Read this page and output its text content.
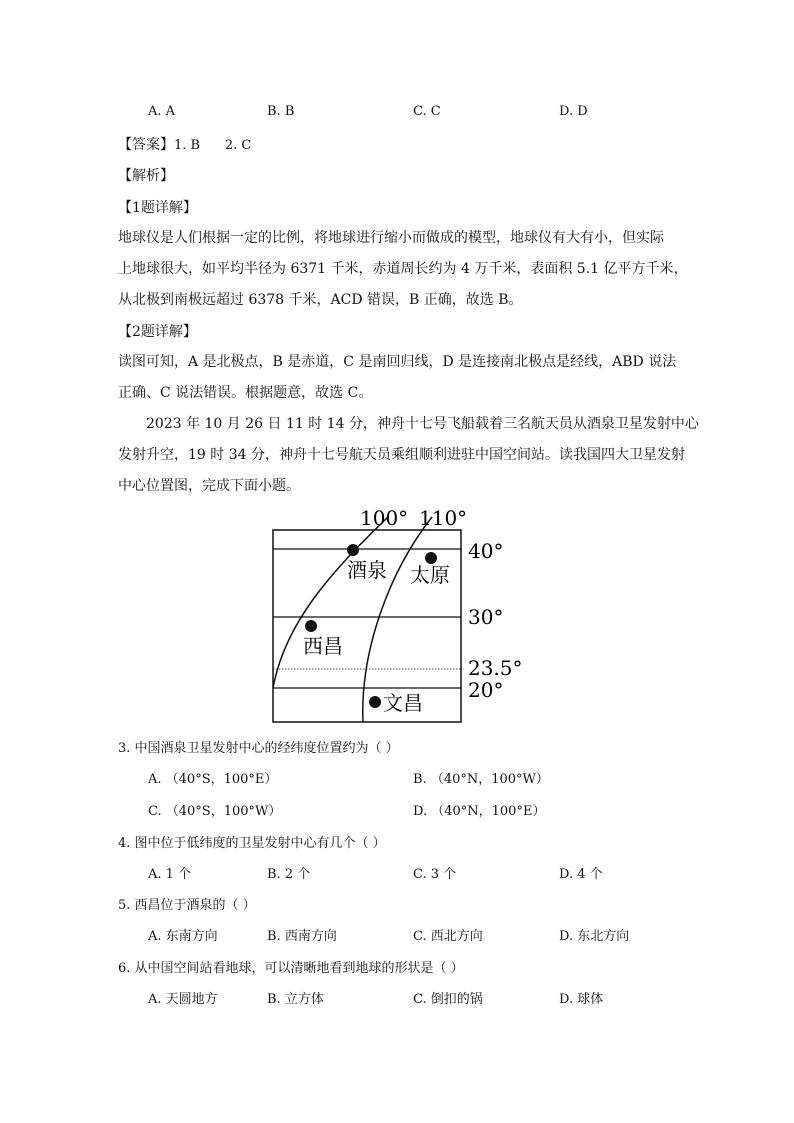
A. A	B. B	C. C	D. D
【答案】1. B      2. C
【解析】
【1题详解】
地球仪是人们根据一定的比例，将地球进行缩小而做成的模型，地球仪有大有小，但实际
上地球很大，如平均半径为 6371 千米，赤道周长约为 4 万千米，表面积 5.1 亿平方千米，
从北极到南极远超过 6378 千米，ACD 错误，B 正确，故选 B。
【2题详解】
读图可知，A 是北极点，B 是赤道，C 是南回归线，D 是连接南北极点是经线，ABD 说法
正确、C 说法错误。根据题意，故选 C。
2023 年 10 月 26 日 11 时 14 分，神舟十七号飞船载着三名航天员从酒泉卫星发射中心
发射升空，19 时 34 分，神舟十七号航天员乘组顺利进驻中国空间站。读我国四大卫星发射
中心位置图，完成下面小题。
100° 110°
40°
30°
23.5°
20°
酒泉 太原
西昌
文昌
3. 中国酒泉卫星发射中心的经纬度位置约为（ ）
A. （40°S，100°E）	B. （40°N，100°W）
C. （40°S，100°W）	D. （40°N，100°E）
4. 图中位于低纬度的卫星发射中心有几个（ ）
A. 1 个	B. 2 个	C. 3 个	D. 4 个
5. 西昌位于酒泉的（ ）
A. 东南方向	B. 西南方向	C. 西北方向	D. 东北方向
6. 从中国空间站看地球，可以清晰地看到地球的形状是（ ）
A. 天圆地方	B. 立方体	C. 倒扣的锅	D. 球体
